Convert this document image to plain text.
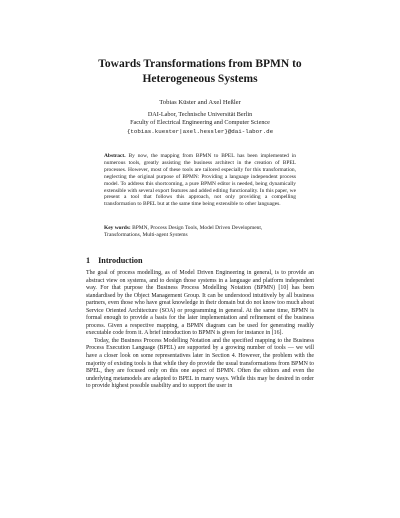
Towards Transformations from BPMN to
Heterogeneous Systems
Tobias Küster and Axel Heßler
DAI-Labor, Technische Universität Berlin
Faculty of Electrical Engineering and Computer Science
{tobias.kuester|axel.hessler}@dai-labor.de

Abstract. By now, the mapping from BPMN to BPEL has been implemented in numerous tools, greatly assisting the business architect in the creation of BPEL processes. However, most of these tools are tailored especially for this transformation, neglecting the original purpose of BPMN: Providing a language independent process model. To address this shortcoming, a pure BPMN editor is needed, being dynamically extensible with several export features and added editing functionality. In this paper, we present a tool that follows this approach, not only providing a compelling transformation to BPEL but at the same time being extensible to other languages.

Key words: BPMN, Process Design Tools, Model Driven Development, Transformations, Multi-agent Systems
1 Introduction

The goal of process modelling, as of Model Driven Engineering in general, is to provide an abstract view on systems, and to design those systems in a language and platform independent way. For that purpose the Business Process Modelling Notation (BPMN) [10] has been standardised by the Object Management Group. It can be understood intuitively by all business partners, even those who have great knowledge in their domain but do not know too much about Service Oriented Architecture (SOA) or programming in general. At the same time, BPMN is formal enough to provide a basis for the later implementation and refinement of the business process. Given a respective mapping, a BPMN diagram can be used for generating readily executable code from it. A brief introduction to BPMN is given for instance in [16].

Today, the Business Process Modelling Notation and the specified mapping to the Business Process Execution Language (BPEL) are supported by a growing number of tools — we will have a closer look on some representatives later in Section 4. However, the problem with the majority of existing tools is that while they do provide the usual transformations from BPMN to BPEL, they are focused only on this one aspect of BPMN. Often the editors and even the underlying metamodels are adapted to BPEL in many ways. While this may be desired in order to provide highest possible usability and to support the user in
